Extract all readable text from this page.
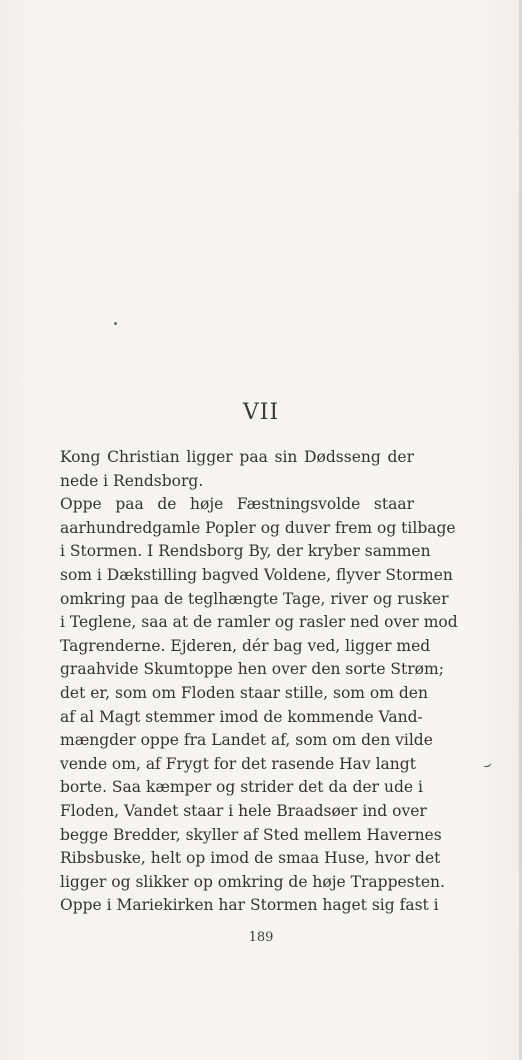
VII
Kong Christian ligger paa sin Dødsseng der
nede i Rendsborg.
Oppe paa de høje Fæstningsvolde staar
aarhundredgamle Popler og duver frem og tilbage
i Stormen. I Rendsborg By, der kryber sammen
som i Dækstilling bagved Voldene, flyver Stormen
omkring paa de teglhængte Tage, river og rusker
i Teglene, saa at de ramler og rasler ned over mod
Tagrenderne. Ejderen, dér bag ved, ligger med
graahvide Skumtoppe hen over den sorte Strøm;
det er, som om Floden staar stille, som om den
af al Magt stemmer imod de kommende Vand-
mængder oppe fra Landet af, som om den vilde
vende om, af Frygt for det rasende Hav langt
borte. Saa kæmper og strider det da der ude i
Floden, Vandet staar i hele Braadsøer ind over
begge Bredder, skyller af Sted mellem Havernes
Ribsbuske, helt op imod de smaa Huse, hvor det
ligger og slikker op omkring de høje Trappesten.
Oppe i Mariekirken har Stormen haget sig fast i
⌣
189
